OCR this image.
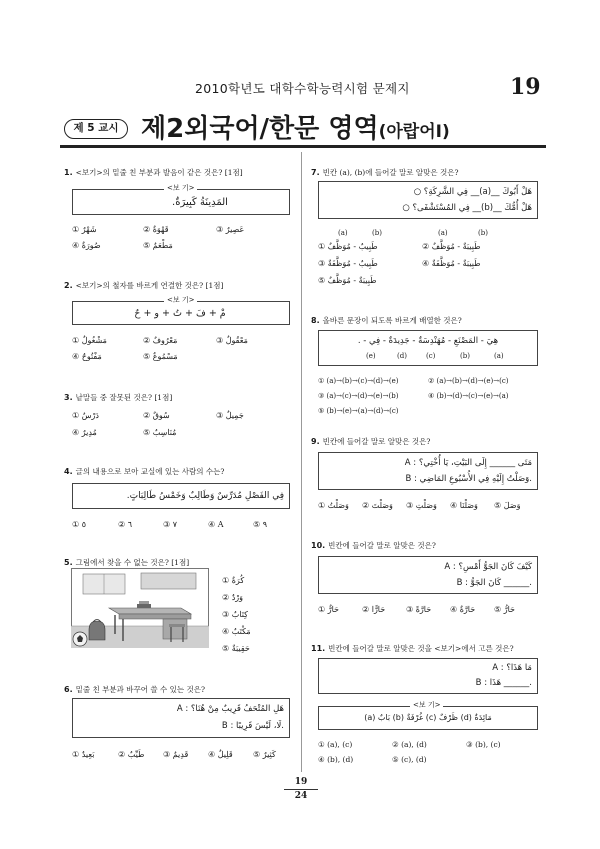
2010학년도 대학수학능력시험 문제지	19
제 5 교시 제2외국어/한문 영역(아랍어Ⅰ)
1. <보기>의 밑줄 친 부분과 발음이 같은 것은? [1점]
<보 기>
المَدِينَةُ كَبِيرَةٌ.
① شَهْرٌ	② قَهْوَةٌ	③ عَصِيرٌ
④ صُورَةٌ	⑤ مَطْعَمٌ
2. <보기>의 철자를 바르게 연결한 것은? [1점]
<보 기>
مْ + فَ + تُ + و + حٌ
① مَشْغُولٌ	② مَعْرُوفٌ	③ مَعْقُولٌ
④ مَفْتُوحٌ	⑤ مَسْمُوعٌ
3. 낱말들 중 잘못된 것은? [1점]
① دَرْسٌ	② سُوقٌ	③ جَمِيلٌ
④ مُدِيرٌ	⑤ مُنَاسِبٌ
4. 글의 내용으로 보아 교실에 있는 사람의 수는?
فِي الفَصْلِ مُدَرِّسٌ وَطَالِبٌ وَخَمْسُ طَالِبَاتٍ.
① ٥	② ٦	③ ٧	④ A	⑤ ٩
5. 그림에서 찾을 수 없는 것은? [1점]
① كُرَةٌ
② وَرْدٌ
③ كِتَابٌ
④ مَكْتَبٌ
⑤ حَقِيبَةٌ
6. 밑줄 친 부분과 바꾸어 쓸 수 있는 것은?
A : هَلِ المُتْحَفُ قَرِيبٌ مِنْ هُنَا؟
B : لَا، لَيْسَ قَرِيبًا.
① بَعِيدٌ	② طَيِّبٌ ③ قَدِيمٌ ④ قَلِيلٌ	⑤ كَثِيرٌ
7. 빈칸 (a), (b)에 들어갈 말로 알맞은 것은?
هَلْ أَبُوكَ __(a)__ فِي الشَّرِكَةِ؟ ○
هَلْ أُمُّكَ __(b)__ فِي المُسْتَشْفَى؟ ○
(a)	(b)	(a)	(b)
① طَبِيبٌ - مُوَظَّفٌ	② طَبِيبَةٌ - مُوَظَّفٌ
③ طَبِيبٌ - مُوَظَّفَةٌ	④ طَبِيبَةٌ - مُوَظَّفَةٌ
⑤ طَبِيبَةٌ - مُوَظَّفٌ
8. 올바른 문장이 되도록 바르게 배열한 것은?
هِيَ - المَصْنَعِ - مُهَنْدِسَةٌ - جَدِيدَةٌ - فِي - .
(e)	(d)	(c)	(b)	(a)
① (a)→(b)→(c)→(d)→(e)	② (a)→(b)→(d)→(e)→(c)
③ (a)→(c)→(d)→(e)→(b)	④ (b)→(d)→(c)→(e)→(a)
⑤ (b)→(e)→(a)→(d)→(c)
9. 빈칸에 들어갈 말로 알맞은 것은?
A : مَتَى ______ إِلَى البَيْتِ، يَا أُخْتِي؟
B : وَصَلْتُ إِلَيْهِ فِي الأُسْبُوعِ المَاضِي.
① وَصَلْتُ ② وَصَلْتَ ③ وَصَلْتِ ④ وَصَلْنَا ⑤ وَصَلَ
10. 빈칸에 들어갈 말로 알맞은 것은?
A : كَيْفَ كَانَ الجَوُّ أَمْسِ؟
B : كَانَ الجَوُّ ______.
① حَارٌّ	② حَارًّا	③ حَارَّةً ④ حَارَّةٌ ⑤ حَارُّ
11. 빈칸에 들어갈 말로 알맞은 것을 <보기>에서 고른 것은?
A : مَا هَذَا؟
B : هَذَا ______.
<보 기>
(a) بَابٌ (b) غُرْفَةٌ (c) ظَرْفٌ (d) مَائِدَةٌ
① (a), (c)	② (a), (d)	③ (b), (c)
④ (b), (d)	⑤ (c), (d)
19
24
